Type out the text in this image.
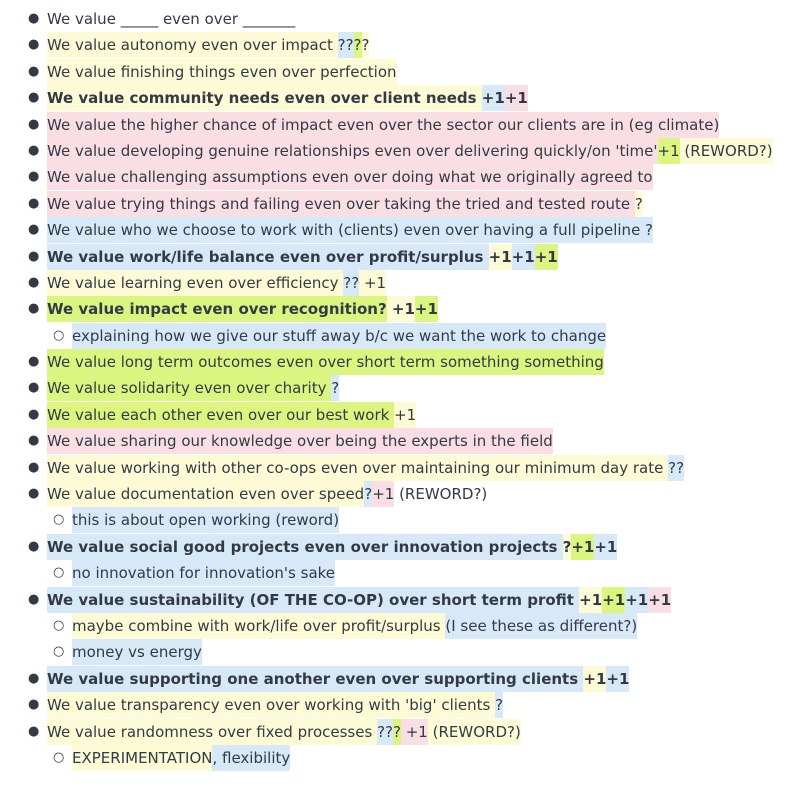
● We value _____ even over _______
● We value autonomy even over impact ????
● We value finishing things even over perfection
● We value community needs even over client needs +1+1
● We value the higher chance of impact even over the sector our clients are in (eg climate)
● We value developing genuine relationships even over delivering quickly/on 'time'+1 (REWORD?)
● We value challenging assumptions even over doing what we originally agreed to
● We value trying things and failing even over taking the tried and tested route ?
● We value who we choose to work with (clients) even over having a full pipeline ?
● We value work/life balance even over profit/surplus +1+1+1
● We value learning even over efficiency ?? +1
● We value impact even over recognition? +1+1
○ explaining how we give our stuff away b/c we want the work to change
● We value long term outcomes even over short term something something
● We value solidarity even over charity ?
● We value each other even over our best work +1
● We value sharing our knowledge over being the experts in the field
● We value working with other co-ops even over maintaining our minimum day rate ??
● We value documentation even over speed?+1 (REWORD?)
○ this is about open working (reword)
● We value social good projects even over innovation projects ?+1+1
○ no innovation for innovation's sake
● We value sustainability (OF THE CO-OP) over short term profit +1+1+1+1
○ maybe combine with work/life over profit/surplus (I see these as different?)
○ money vs energy
● We value supporting one another even over supporting clients +1+1
● We value transparency even over working with 'big' clients ?
● We value randomness over fixed processes ??? +1 (REWORD?)
○ EXPERIMENTATION, flexibility
